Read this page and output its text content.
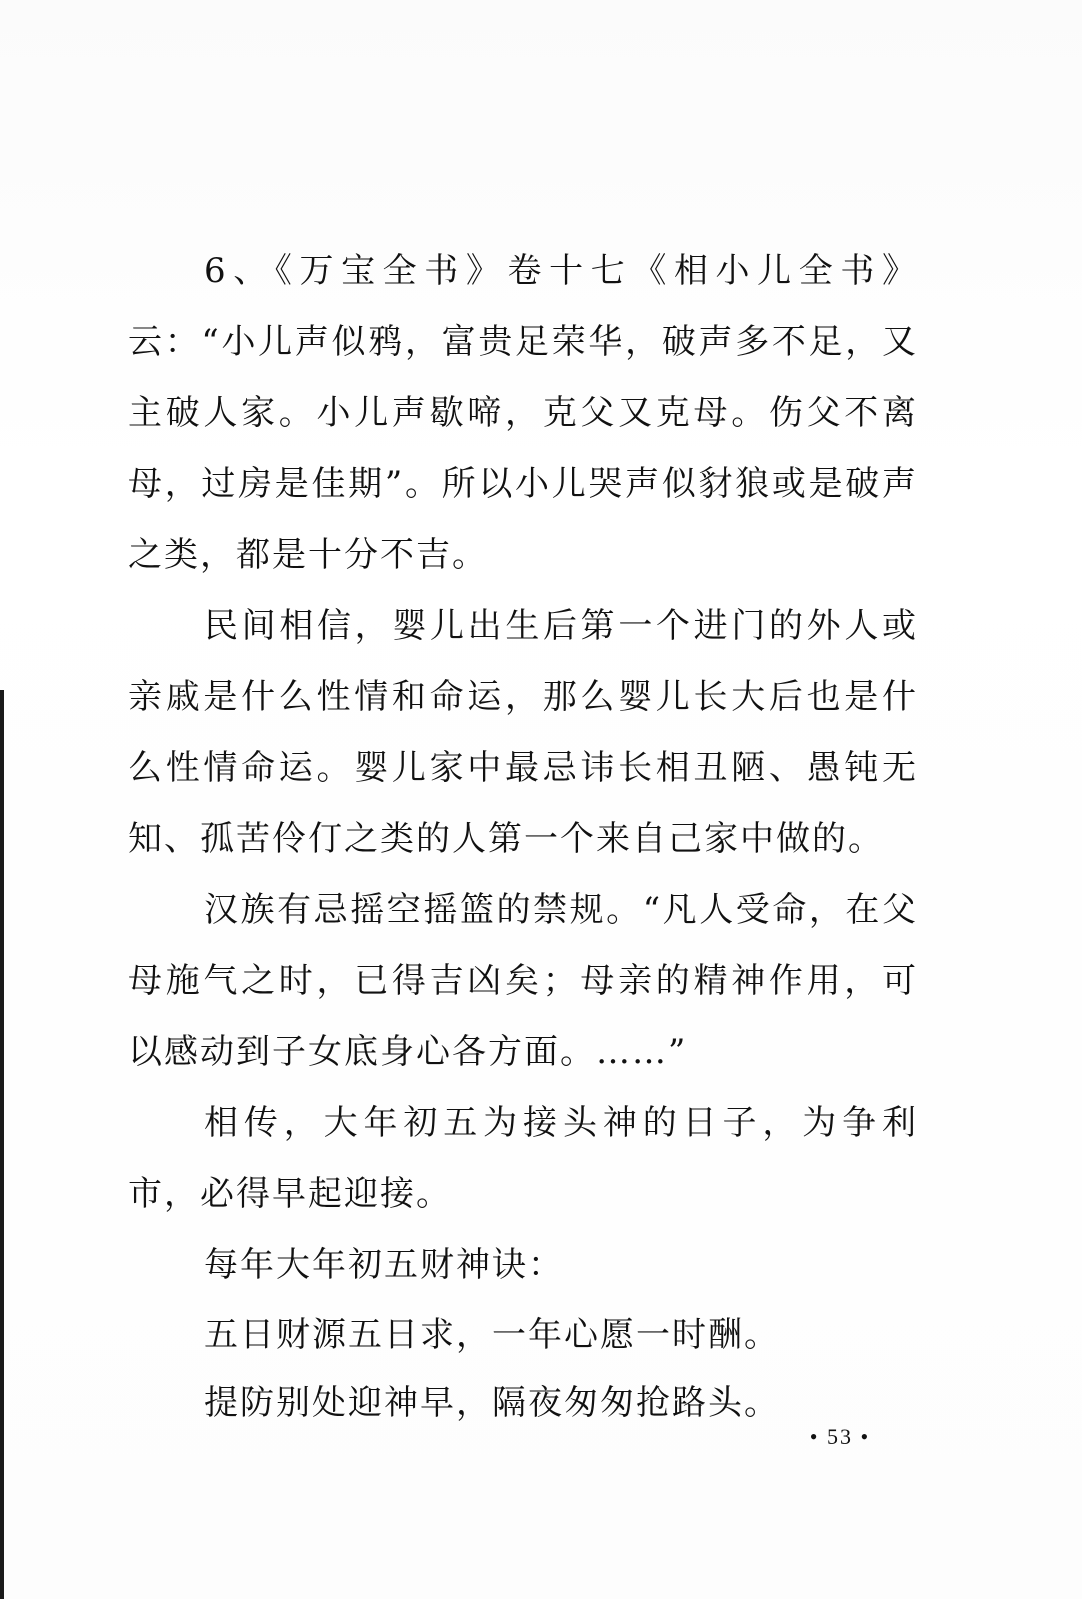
6、《万宝全书》卷十七《相小儿全书》云：“小儿声似鸦，富贵足荣华，破声多不足，又主破人家。小儿声歇啼，克父又克母。伤父不离母，过房是佳期”。所以小儿哭声似豺狼或是破声之类，都是十分不吉。

民间相信，婴儿出生后第一个进门的外人或亲戚是什么性情和命运，那么婴儿长大后也是什么性情命运。婴儿家中最忌讳长相丑陋、愚钝无知、孤苦伶仃之类的人第一个来自己家中做的。

汉族有忌摇空摇篮的禁规。“凡人受命，在父母施气之时，已得吉凶矣；母亲的精神作用，可以感动到子女底身心各方面。……”

相传，大年初五为接头神的日子，为争利市，必得早起迎接。

每年大年初五财神诀：

五日财源五日求，一年心愿一时酬。

提防别处迎神早，隔夜匆匆抢路头。

• 53 •
